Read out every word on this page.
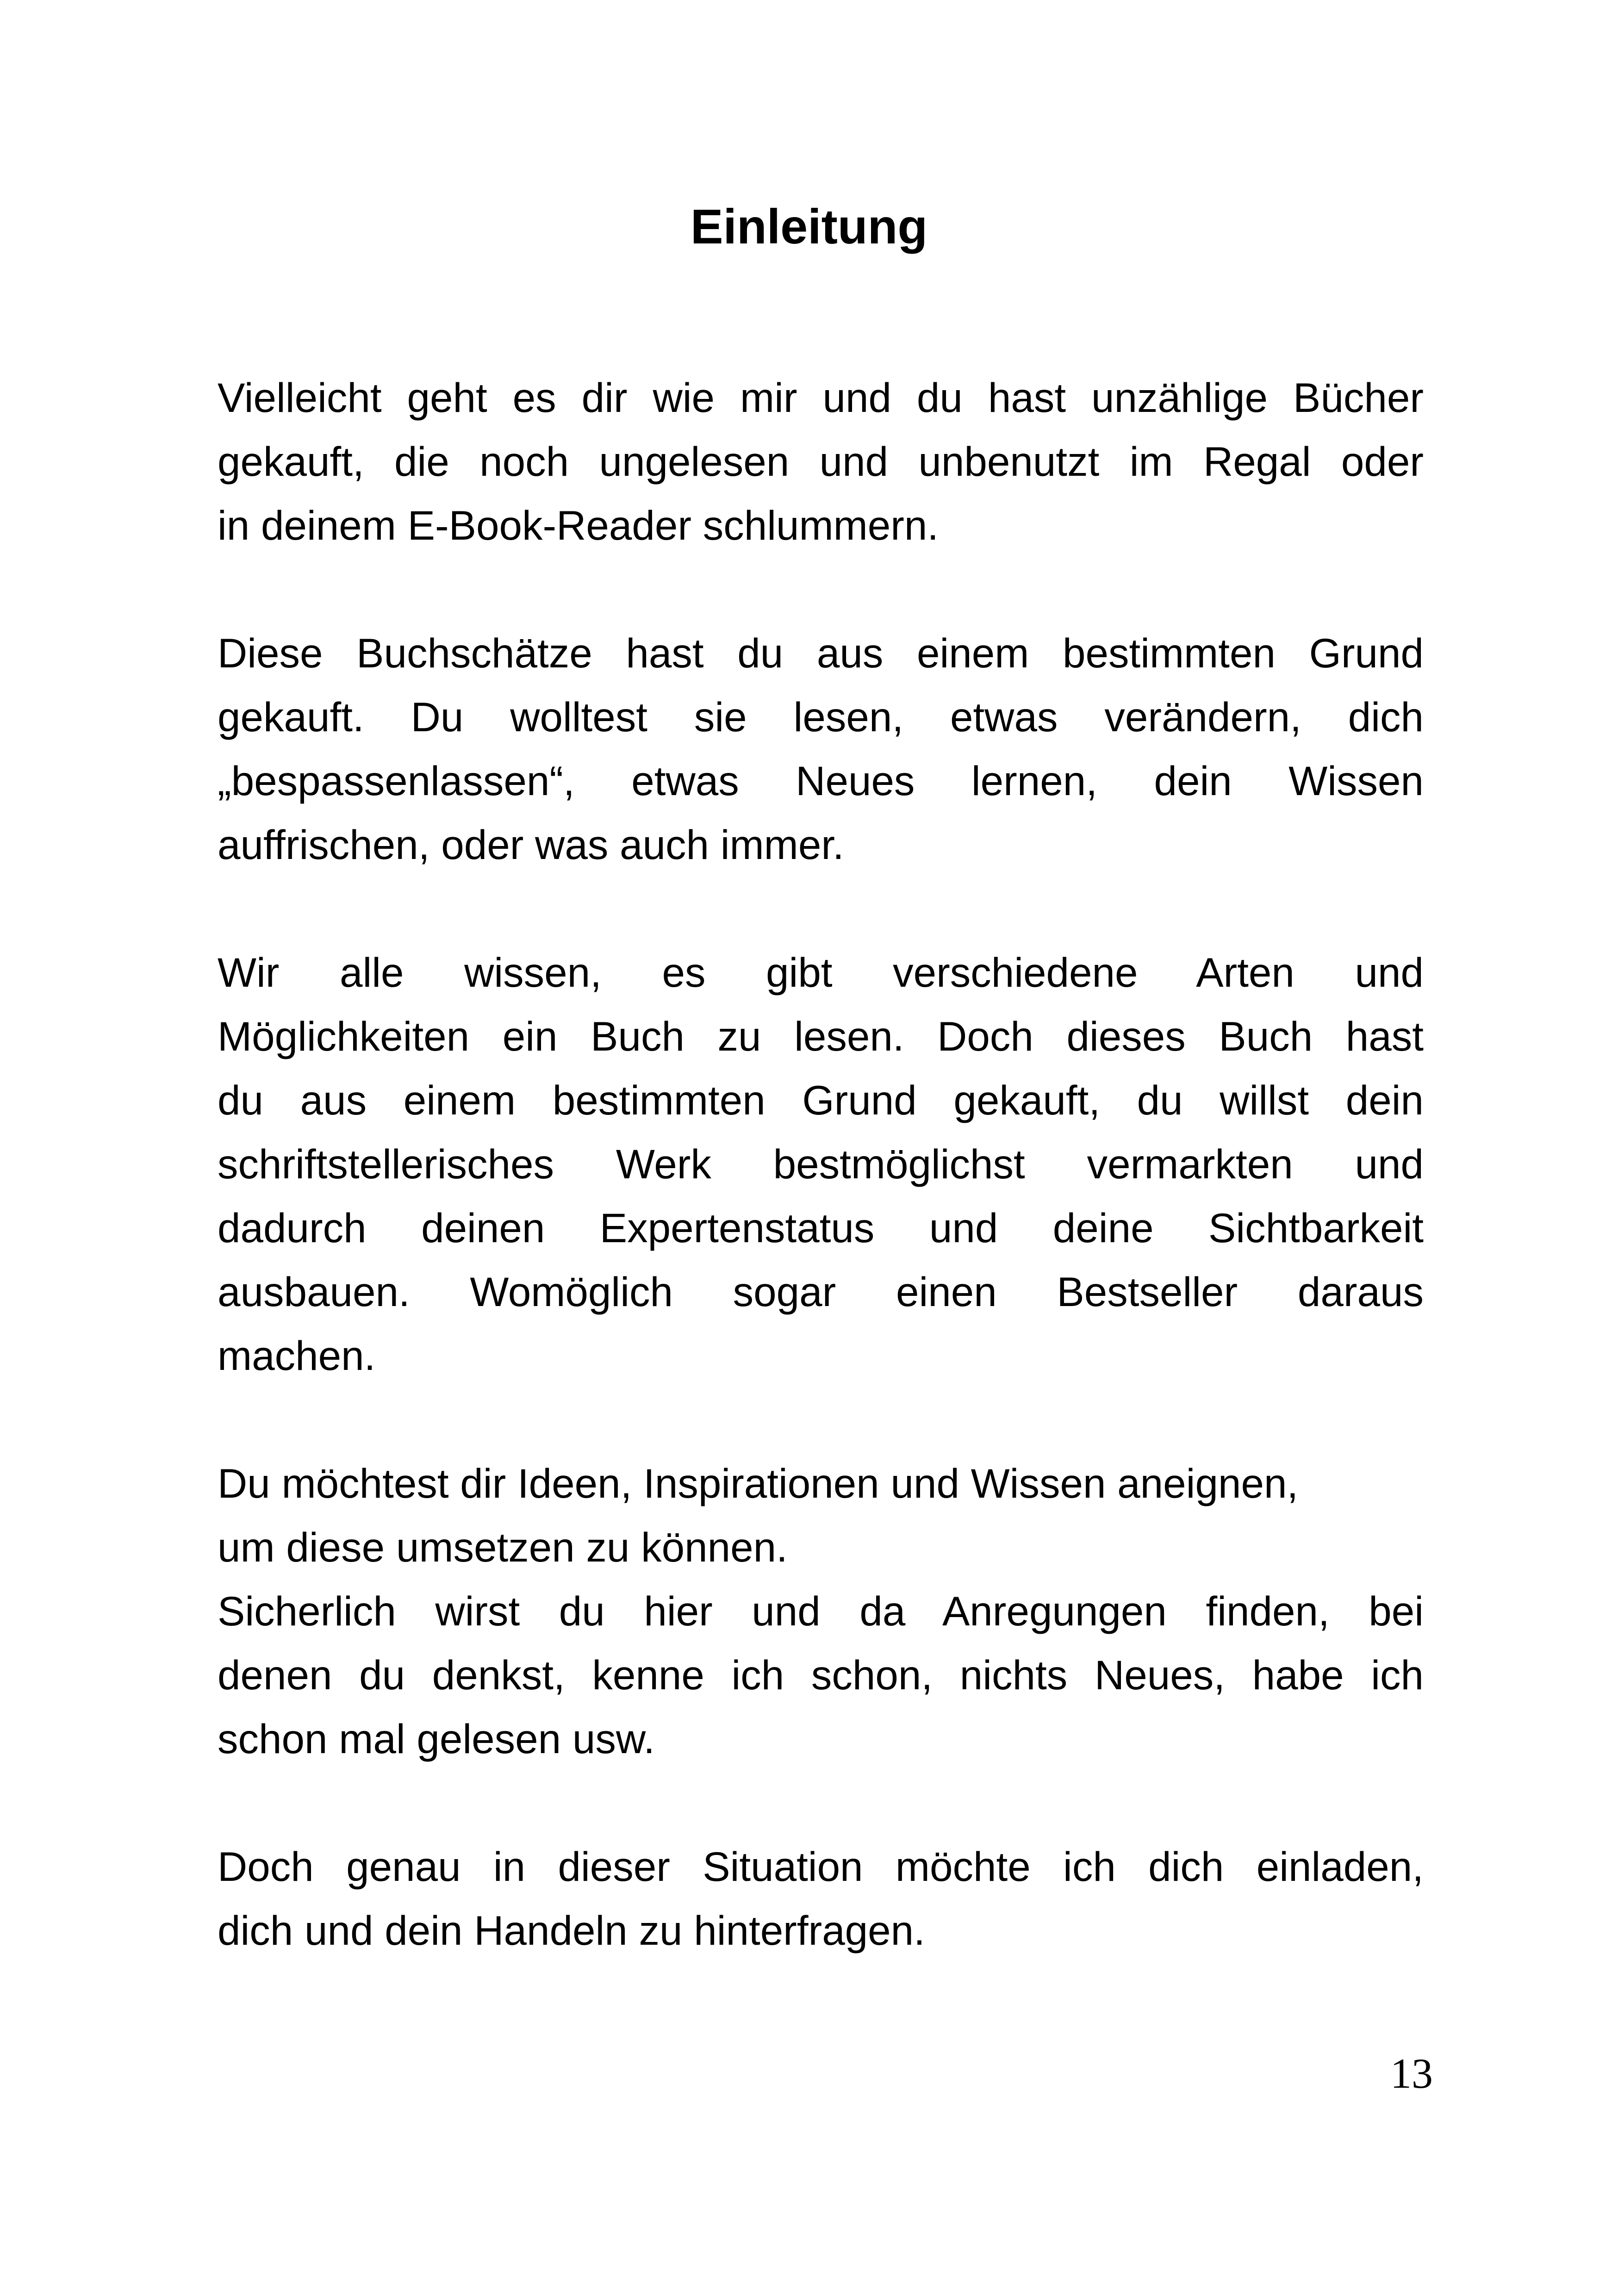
Einleitung

Vielleicht geht es dir wie mir und du hast unzählige Bücher
gekauft, die noch ungelesen und unbenutzt im Regal oder
in deinem E-Book-Reader schlummern.

Diese Buchschätze hast du aus einem bestimmten Grund
gekauft. Du wolltest sie lesen, etwas verändern, dich
„bespassenlassen“, etwas Neues lernen, dein Wissen
auffrischen, oder was auch immer.

Wir alle wissen, es gibt verschiedene Arten und
Möglichkeiten ein Buch zu lesen. Doch dieses Buch hast
du aus einem bestimmten Grund gekauft, du willst dein
schriftstellerisches Werk bestmöglichst vermarkten und
dadurch deinen Expertenstatus und deine Sichtbarkeit
ausbauen. Womöglich sogar einen Bestseller daraus
machen.

Du möchtest dir Ideen, Inspirationen und Wissen aneignen,
um diese umsetzen zu können.

Sicherlich wirst du hier und da Anregungen finden, bei
denen du denkst, kenne ich schon, nichts Neues, habe ich
schon mal gelesen usw.

Doch genau in dieser Situation möchte ich dich einladen,
dich und dein Handeln zu hinterfragen.

13
